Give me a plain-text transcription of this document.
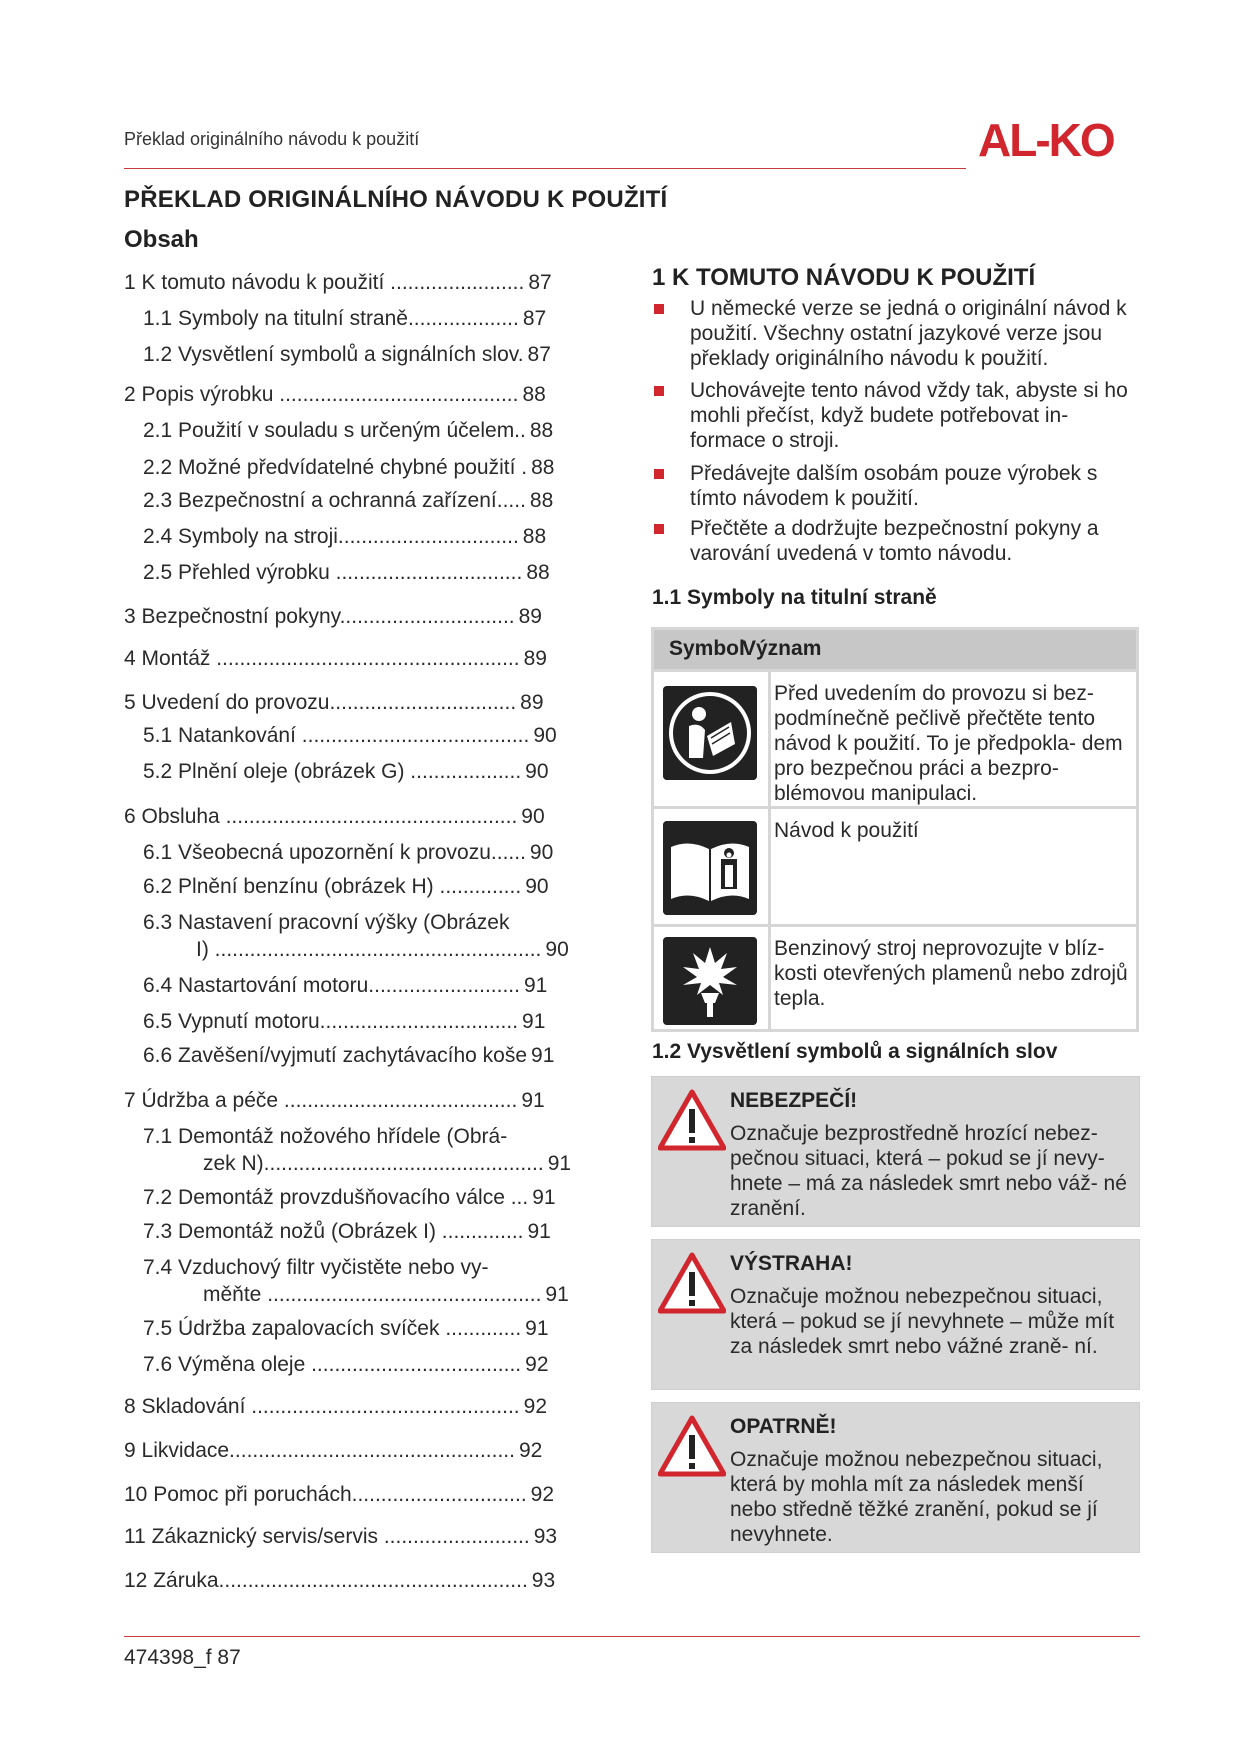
Překlad originálního návodu k použití	AL-KO
PŘEKLAD ORIGINÁLNÍHO NÁVODU K POUŽITÍ
Obsah
1 K tomuto návodu k použití ....................... 87
1.1 Symboly na titulní straně................... 87
1.2 Vysvětlení symbolů a signálních slov. 87
2 Popis výrobku ......................................... 88
2.1 Použití v souladu s určeným účelem.. 88
2.2 Možné předvídatelné chybné použití . 88
2.3 Bezpečnostní a ochranná zařízení..... 88
2.4 Symboly na stroji............................... 88
2.5 Přehled výrobku ................................ 88
3 Bezpečnostní pokyny.............................. 89
4 Montáž .................................................... 89
5 Uvedení do provozu................................ 89
5.1 Natankování ....................................... 90
5.2 Plnění oleje (obrázek G) ................... 90
6 Obsluha .................................................. 90
6.1 Všeobecná upozornění k provozu...... 90
6.2 Plnění benzínu (obrázek H) .............. 90
6.3 Nastavení pracovní výšky (Obrázek
I) ........................................................ 90
6.4 Nastartování motoru.......................... 91
6.5 Vypnutí motoru.................................. 91
6.6 Zavěšení/vyjmutí zachytávacího koše 91
7 Údržba a péče ........................................ 91
7.1 Demontáž nožového hřídele (Obrá-
zek N)................................................ 91
7.2 Demontáž provzdušňovacího válce ... 91
7.3 Demontáž nožů (Obrázek I) .............. 91
7.4 Vzduchový filtr vyčistěte nebo vy-
měňte ............................................... 91
7.5 Údržba zapalovacích svíček ............. 91
7.6 Výměna oleje .................................... 92
8 Skladování .............................................. 92
9 Likvidace................................................. 92
10 Pomoc při poruchách.............................. 92
11 Zákaznický servis/servis ......................... 93
12 Záruka..................................................... 93
1 K TOMUTO NÁVODU K POUŽITÍ
U německé verze se jedná o originální návod k použití. Všechny ostatní jazykové verze jsou překlady originálního návodu k použití.
Uchovávejte tento návod vždy tak, abyste si ho mohli přečíst, když budete potřebovat in- formace o stroji.
Předávejte dalším osobám pouze výrobek s tímto návodem k použití.
Přečtěte a dodržujte bezpečnostní pokyny a varování uvedená v tomto návodu.
1.1 Symboly na titulní straně
Symbol
Význam
Před uvedením do provozu si bez- podmínečně pečlivě přečtěte tento návod k použití. To je předpokla- dem pro bezpečnou práci a bezpro- blémovou manipulaci.
Návod k použití
Benzinový stroj neprovozujte v blíz- kosti otevřených plamenů nebo zdrojů tepla.
1.2 Vysvětlení symbolů a signálních slov
NEBEZPEČÍ!
Označuje bezprostředně hrozící nebez- pečnou situaci, která – pokud se jí nevy- hnete – má za následek smrt nebo váž- né zranění.
VÝSTRAHA!
Označuje možnou nebezpečnou situaci, která – pokud se jí nevyhnete – může mít za následek smrt nebo vážné zraně- ní.
OPATRNĚ!
Označuje možnou nebezpečnou situaci, která by mohla mít za následek menší nebo středně těžké zranění, pokud se jí nevyhnete.
474398_f 87
